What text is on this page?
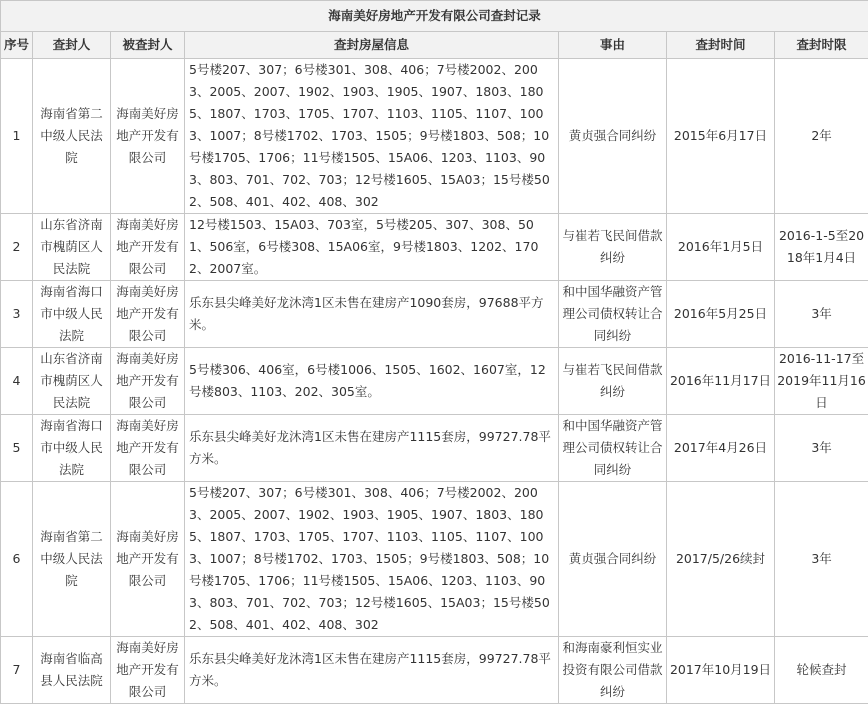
海南美好房地产开发有限公司查封记录						
序号	查封人	被查封人	查封房屋信息	事由	查封时间	查封时限
1	海南省第二中级人民法院	海南美好房地产开发有限公司	5号楼207、307；6号楼301、308、406；7号楼2002、2003、2005、2007、1902、1903、1905、1907、1803、1805、1807、1703、1705、1707、1103、1105、1107、1003、1007；8号楼1702、1703、1505；9号楼1803、508；10号楼1705、1706；11号楼1505、15A06、1203、1103、903、803、701、702、703；12号楼1605、15A03；15号楼502、508、401、402、408、302	黄贞强合同纠纷	2015年6月17日	2年
2	山东省济南市槐荫区人民法院	海南美好房地产开发有限公司	12号楼1503、15A03、703室，5号楼205、307、308、501、506室，6号楼308、15A06室，9号楼1803、1202、1702、2007室。	与崔若飞民间借款纠纷	2016年1月5日	2016-1-5至2018年1月4日
3	海南省海口市中级人民法院	海南美好房地产开发有限公司	乐东县尖峰美好龙沐湾1区未售在建房产1090套房，97688平方米。	和中国华融资产管理公司债权转让合同纠纷	2016年5月25日	3年
4	山东省济南市槐荫区人民法院	海南美好房地产开发有限公司	5号楼306、406室，6号楼1006、1505、1602、1607室，12号楼803、1103、202、305室。	与崔若飞民间借款纠纷	2016年11月17日	2016-11-17至2019年11月16日
5	海南省海口市中级人民法院	海南美好房地产开发有限公司	乐东县尖峰美好龙沐湾1区未售在建房产1115套房，99727.78平方米。	和中国华融资产管理公司债权转让合同纠纷	2017年4月26日	3年
6	海南省第二中级人民法院	海南美好房地产开发有限公司	5号楼207、307；6号楼301、308、406；7号楼2002、2003、2005、2007、1902、1903、1905、1907、1803、1805、1807、1703、1705、1707、1103、1105、1107、1003、1007；8号楼1702、1703、1505；9号楼1803、508；10号楼1705、1706；11号楼1505、15A06、1203、1103、903、803、701、702、703；12号楼1605、15A03；15号楼502、508、401、402、408、302	黄贞强合同纠纷	2017/5/26续封	3年
7	海南省临高县人民法院	海南美好房地产开发有限公司	乐东县尖峰美好龙沐湾1区未售在建房产1115套房，99727.78平方米。	和海南豪利恒实业投资有限公司借款纠纷	2017年10月19日	轮候查封
